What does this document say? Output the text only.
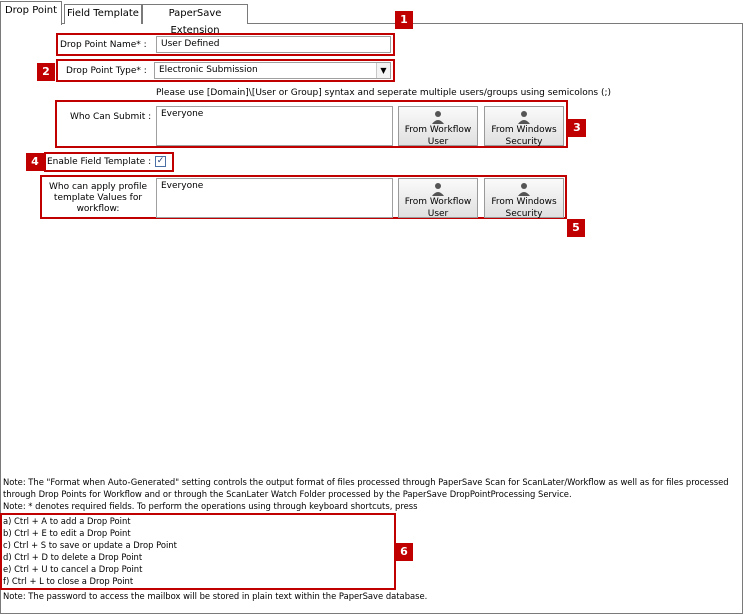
Drop Point	Field Template	PaperSave Extension
1
Drop Point Name* :	User Defined
2	Drop Point Type* :	Electronic Submission	▼
Please use [Domain]\[User or Group] syntax and seperate multiple users/groups using semicolons (;)
3
Who Can Submit :	Everyone
From Workflow User
From Windows Security
4 Enable Field Template : ✓
5
Who can apply profile template Values for workflow:
Everyone
From Workflow User
From Windows Security
Note: The "Format when Auto-Generated" setting controls the output format of files processed through PaperSave Scan for ScanLater/Workflow as well as for files processed
through Drop Points for Workflow and or through the ScanLater Watch Folder processed by the PaperSave DropPointProcessing Service.
Note: * denotes required fields. To perform the operations using through keyboard shortcuts, press
6
a) Ctrl + A to add a Drop Point
b) Ctrl + E to edit a Drop Point
c) Ctrl + S to save or update a Drop Point
d) Ctrl + D to delete a Drop Point
e) Ctrl + U to cancel a Drop Point
f) Ctrl + L to close a Drop Point
Note: The password to access the mailbox will be stored in plain text within the PaperSave database.
